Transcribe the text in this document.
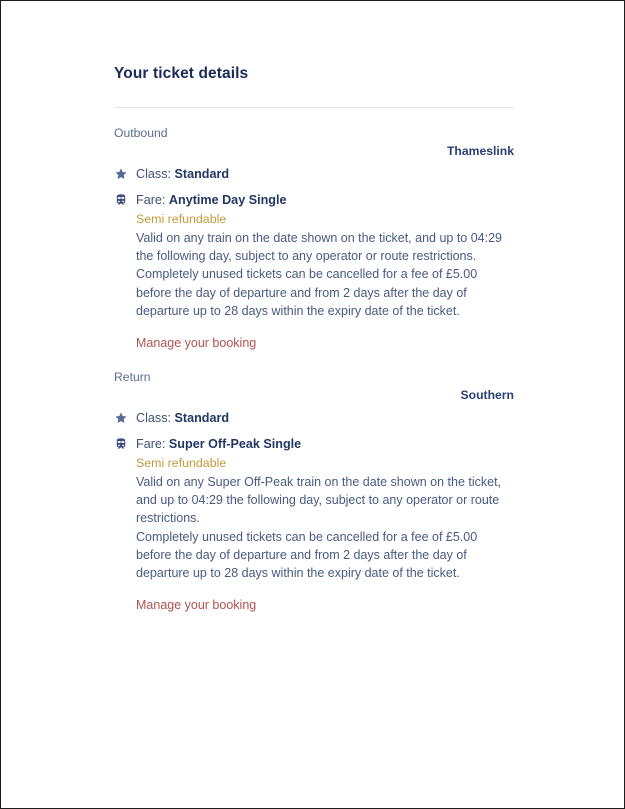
Your ticket details
Outbound
Thameslink
Class: Standard
Fare: Anytime Day Single
Semi refundable

Valid on any train on the date shown on the ticket, and up to 04:29 the following day, subject to any operator or route restrictions.

Completely unused tickets can be cancelled for a fee of £5.00 before the day of departure and from 2 days after the day of departure up to 28 days within the expiry date of the ticket.

Manage your booking
Return
Southern
Class: Standard
Fare: Super Off-Peak Single
Semi refundable

Valid on any Super Off-Peak train on the date shown on the ticket, and up to 04:29 the following day, subject to any operator or route restrictions.

Completely unused tickets can be cancelled for a fee of £5.00 before the day of departure and from 2 days after the day of departure up to 28 days within the expiry date of the ticket.

Manage your booking
